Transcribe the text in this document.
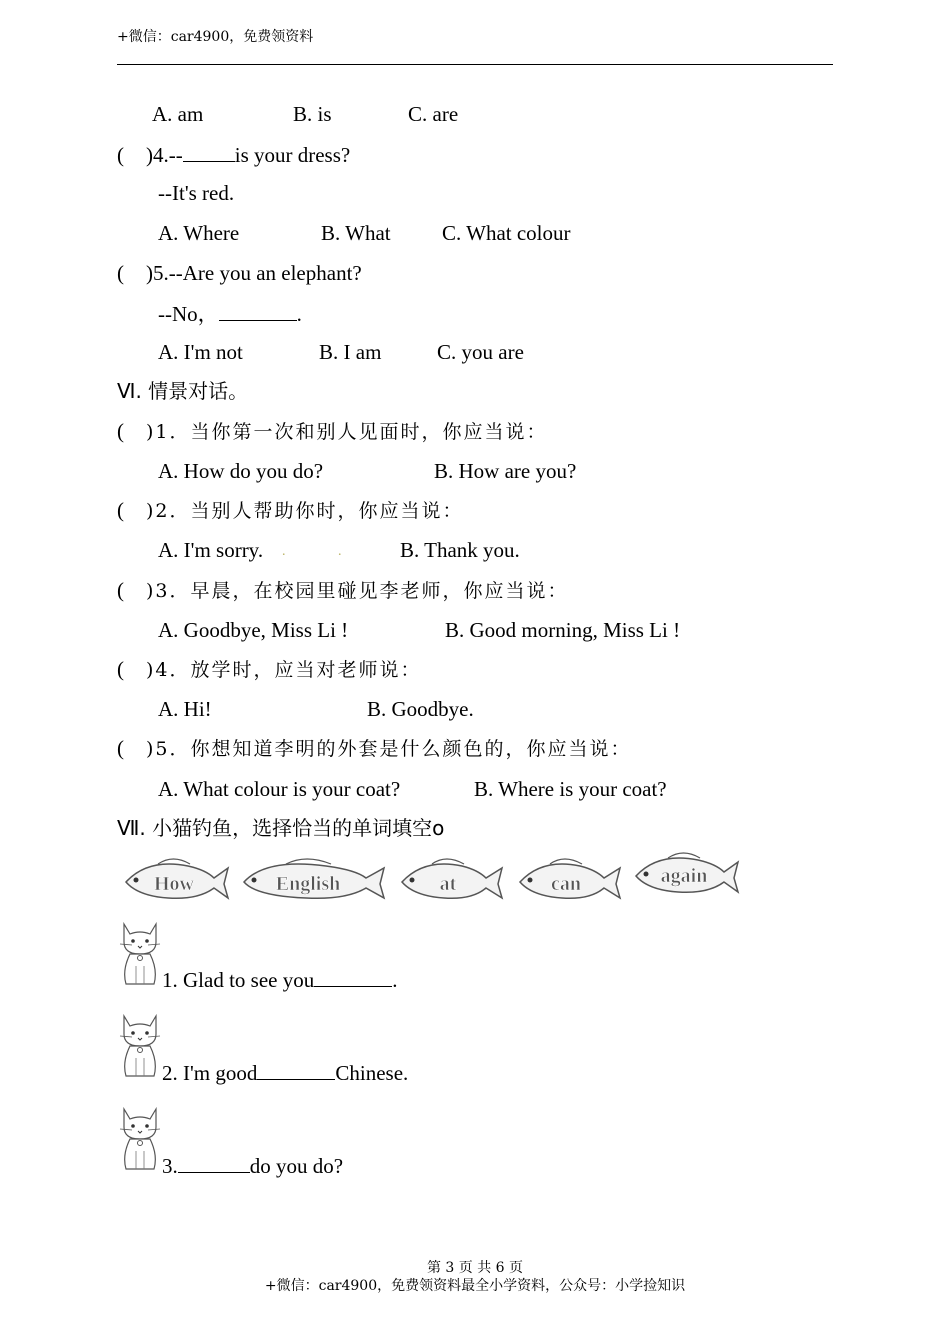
+微信：car4900，免费领资料
A. am	B. is	C. are
( )4.-- is your dress?
--It's red.
A. Where	B. What C. What colour
( )5.--Are you an elephant?
--No，	.
A. I'm not	B. I am	C. you are
Ⅵ. 情景对话。
( )1．当你第一次和别人见面时，你应当说：
A. How do you do?	B. How are you?
( )2．当别人帮助你时，你应当说：
A. I'm sorry. .	.	B. Thank you.
( )3．早晨，在校园里碰见李老师，你应当说：
A. Goodbye, Miss Li !	B. Good morning, Miss Li !
( )4．放学时，应当对老师说：
A. Hi!	B. Goodbye.
( )5．你想知道李明的外套是什么颜色的，你应当说：
A. What colour is your coat?	B. Where is your coat?
Ⅶ. 小猫钓鱼，选择恰当的单词填空o
How	English	at	can	again
1. Glad to see you	.
2. I'm good	Chinese.
3.	do you do?
第 3 页 共 6 页
+微信：car4900，免费领资料最全小学资料，公众号：小学捡知识
